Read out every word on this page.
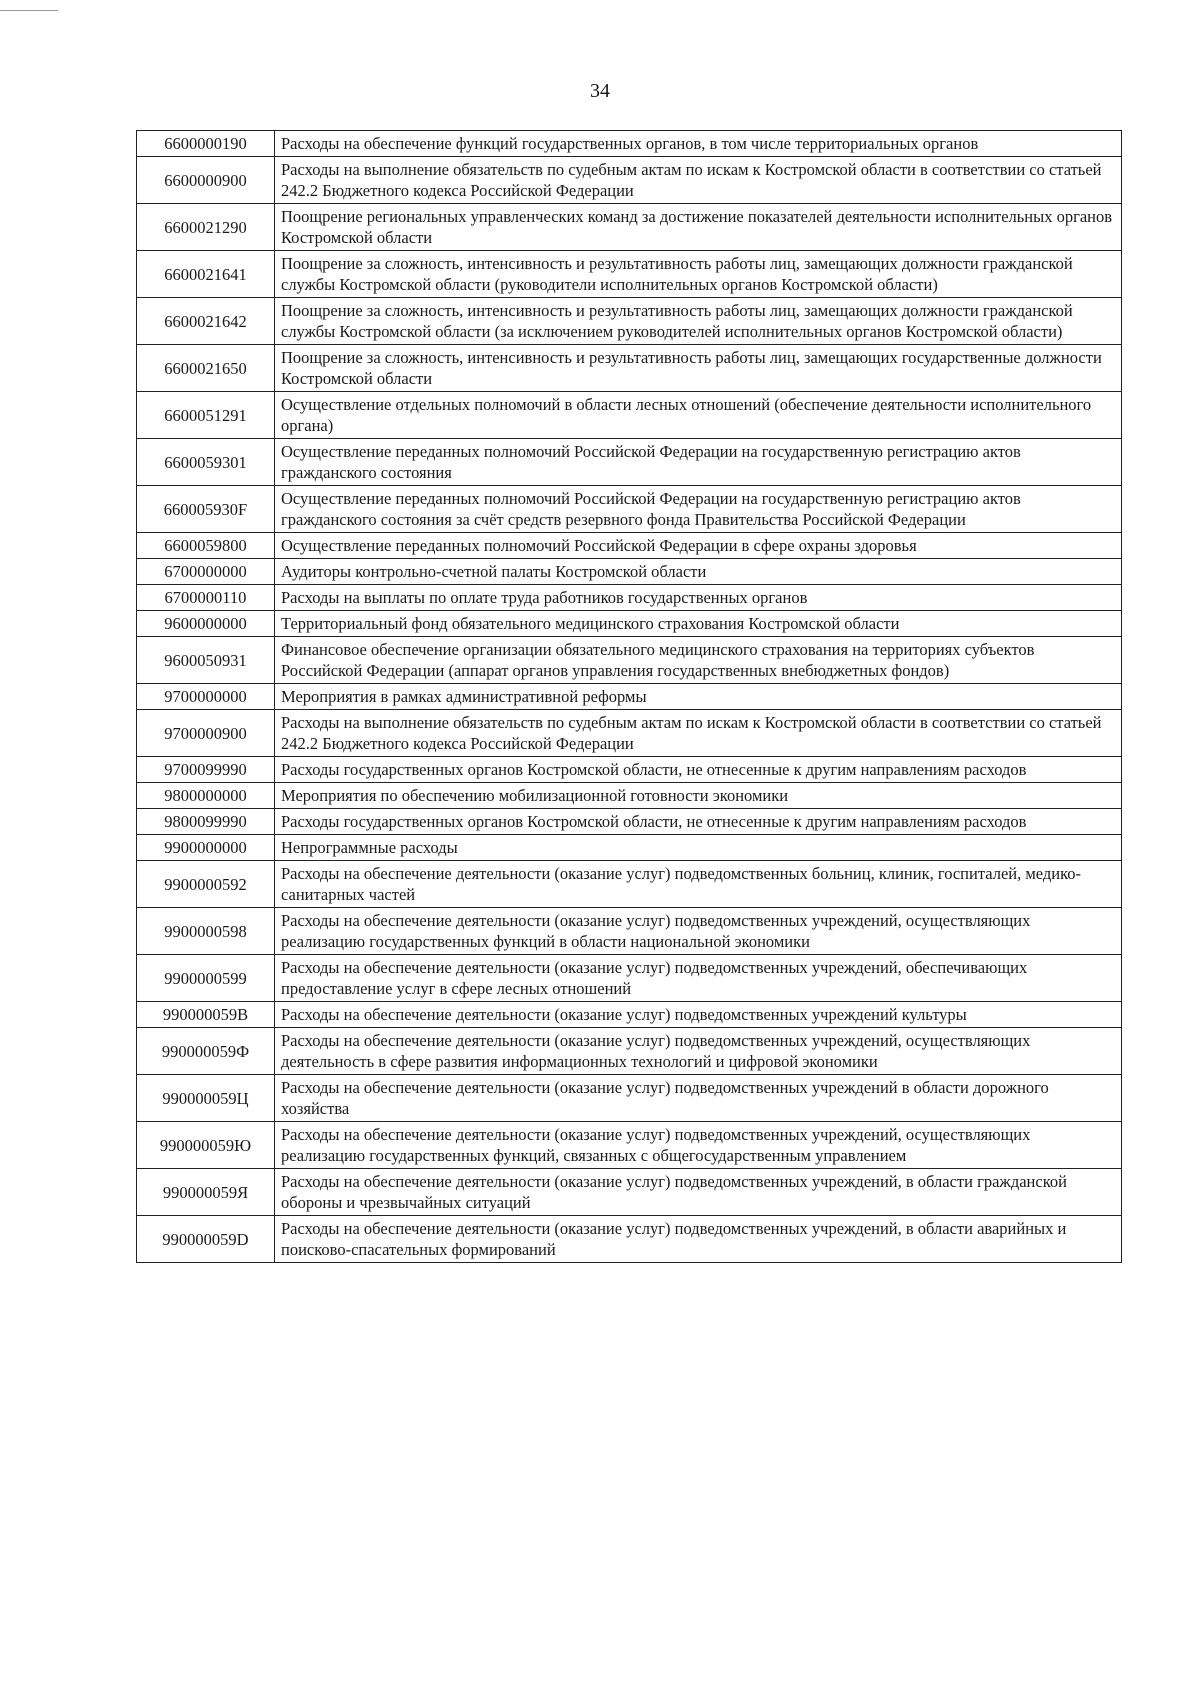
34
6600000190	Расходы на обеспечение функций государственных органов, в том числе территориальных органов
6600000900	Расходы на выполнение обязательств по судебным актам по искам к Костромской области в соответствии со статьей 242.2 Бюджетного кодекса Российской Федерации
6600021290	Поощрение региональных управленческих команд за достижение показателей деятельности исполнительных органов Костромской области
6600021641	Поощрение за сложность, интенсивность и результативность работы лиц, замещающих должности гражданской службы Костромской области (руководители исполнительных органов Костромской области)
6600021642	Поощрение за сложность, интенсивность и результативность работы лиц, замещающих должности гражданской службы Костромской области (за исключением руководителей исполнительных органов Костромской области)
6600021650	Поощрение за сложность, интенсивность и результативность работы лиц, замещающих государственные должности Костромской области
6600051291	Осуществление отдельных полномочий в области лесных отношений (обеспечение деятельности исполнительного органа)
6600059301	Осуществление переданных полномочий Российской Федерации на государственную регистрацию актов гражданского состояния
660005930F	Осуществление переданных полномочий Российской Федерации на государственную регистрацию актов гражданского состояния за счёт средств резервного фонда Правительства Российской Федерации
6600059800	Осуществление переданных полномочий Российской Федерации в сфере охраны здоровья
6700000000	Аудиторы контрольно-счетной палаты Костромской области
6700000110	Расходы на выплаты по оплате труда работников государственных органов
9600000000	Территориальный фонд обязательного медицинского страхования Костромской области
9600050931	Финансовое обеспечение организации обязательного медицинского страхования на территориях субъектов Российской Федерации (аппарат органов управления государственных внебюджетных фондов)
9700000000	Мероприятия в рамках административной реформы
9700000900	Расходы на выполнение обязательств по судебным актам по искам к Костромской области в соответствии со статьей 242.2 Бюджетного кодекса Российской Федерации
9700099990	Расходы государственных органов Костромской области, не отнесенные к другим направлениям расходов
9800000000	Мероприятия по обеспечению мобилизационной готовности экономики
9800099990	Расходы государственных органов Костромской области, не отнесенные к другим направлениям расходов
9900000000	Непрограммные расходы
9900000592	Расходы на обеспечение деятельности (оказание услуг) подведомственных больниц, клиник, госпиталей, медико-санитарных частей
9900000598	Расходы на обеспечение деятельности (оказание услуг) подведомственных учреждений, осуществляющих реализацию государственных функций в области национальной экономики
9900000599	Расходы на обеспечение деятельности (оказание услуг) подведомственных учреждений, обеспечивающих предоставление услуг в сфере лесных отношений
990000059В	Расходы на обеспечение деятельности (оказание услуг) подведомственных учреждений культуры
990000059Ф	Расходы на обеспечение деятельности (оказание услуг) подведомственных учреждений, осуществляющих деятельность в сфере развития информационных технологий и цифровой экономики
990000059Ц	Расходы на обеспечение деятельности (оказание услуг) подведомственных учреждений в области дорожного хозяйства
990000059Ю	Расходы на обеспечение деятельности (оказание услуг) подведомственных учреждений, осуществляющих реализацию государственных функций, связанных с общегосударственным управлением
990000059Я	Расходы на обеспечение деятельности (оказание услуг) подведомственных учреждений, в области гражданской обороны и чрезвычайных ситуаций
990000059D	Расходы на обеспечение деятельности (оказание услуг) подведомственных учреждений, в области аварийных и поисково-спасательных формирований
